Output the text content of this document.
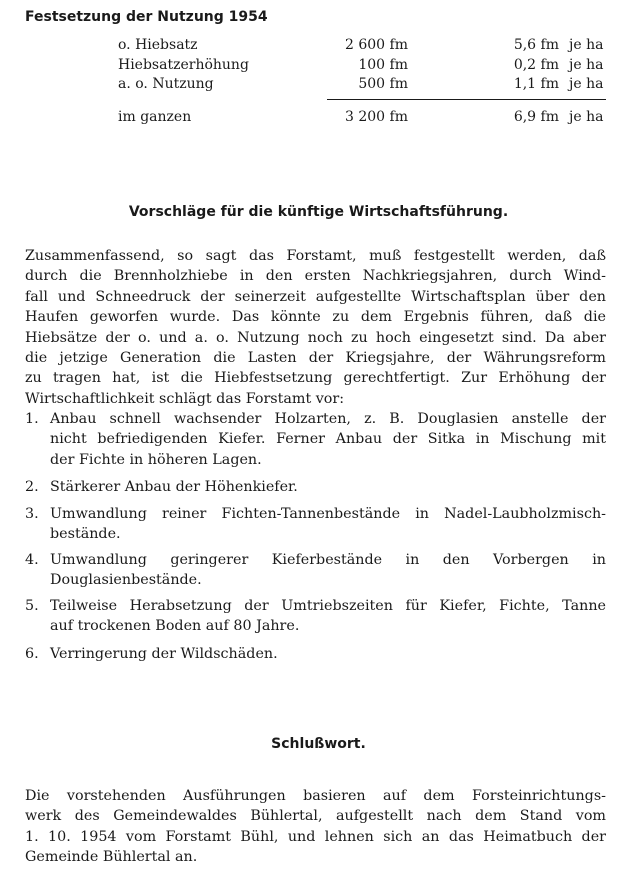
Festsetzung der Nutzung 1954
o. Hiebsatz	2 600 fm	5,6 fm je ha
Hiebsatzerhöhung	100 fm	0,2 fm je ha
a. o. Nutzung	500 fm	1,1 fm je ha
im ganzen	3 200 fm	6,9 fm je ha
Vorschläge für die künftige Wirtschaftsführung.
Zusammenfassend, so sagt das Forstamt, muß festgestellt werden, daß
durch die Brennholzhiebe in den ersten Nachkriegsjahren, durch Wind-
fall und Schneedruck der seinerzeit aufgestellte Wirtschaftsplan über den
Haufen geworfen wurde. Das könnte zu dem Ergebnis führen, daß die
Hiebsätze der o. und a. o. Nutzung noch zu hoch eingesetzt sind. Da aber
die jetzige Generation die Lasten der Kriegsjahre, der Währungsreform
zu tragen hat, ist die Hiebfestsetzung gerechtfertigt. Zur Erhöhung der
Wirtschaftlichkeit schlägt das Forstamt vor:
1. Anbau schnell wachsender Holzarten, z. B. Douglasien anstelle der
nicht befriedigenden Kiefer. Ferner Anbau der Sitka in Mischung mit
der Fichte in höheren Lagen.
2. Stärkerer Anbau der Höhenkiefer.
3. Umwandlung reiner Fichten-Tannenbestände in Nadel-Laubholzmisch-
bestände.
4. Umwandlung geringerer Kieferbestände in den Vorbergen in
Douglasienbestände.
5. Teilweise Herabsetzung der Umtriebszeiten für Kiefer, Fichte, Tanne
auf trockenen Boden auf 80 Jahre.
6. Verringerung der Wildschäden.
Schlußwort.
Die vorstehenden Ausführungen basieren auf dem Forsteinrichtungs-
werk des Gemeindewaldes Bühlertal, aufgestellt nach dem Stand vom
1. 10. 1954 vom Forstamt Bühl, und lehnen sich an das Heimatbuch der
Gemeinde Bühlertal an.
